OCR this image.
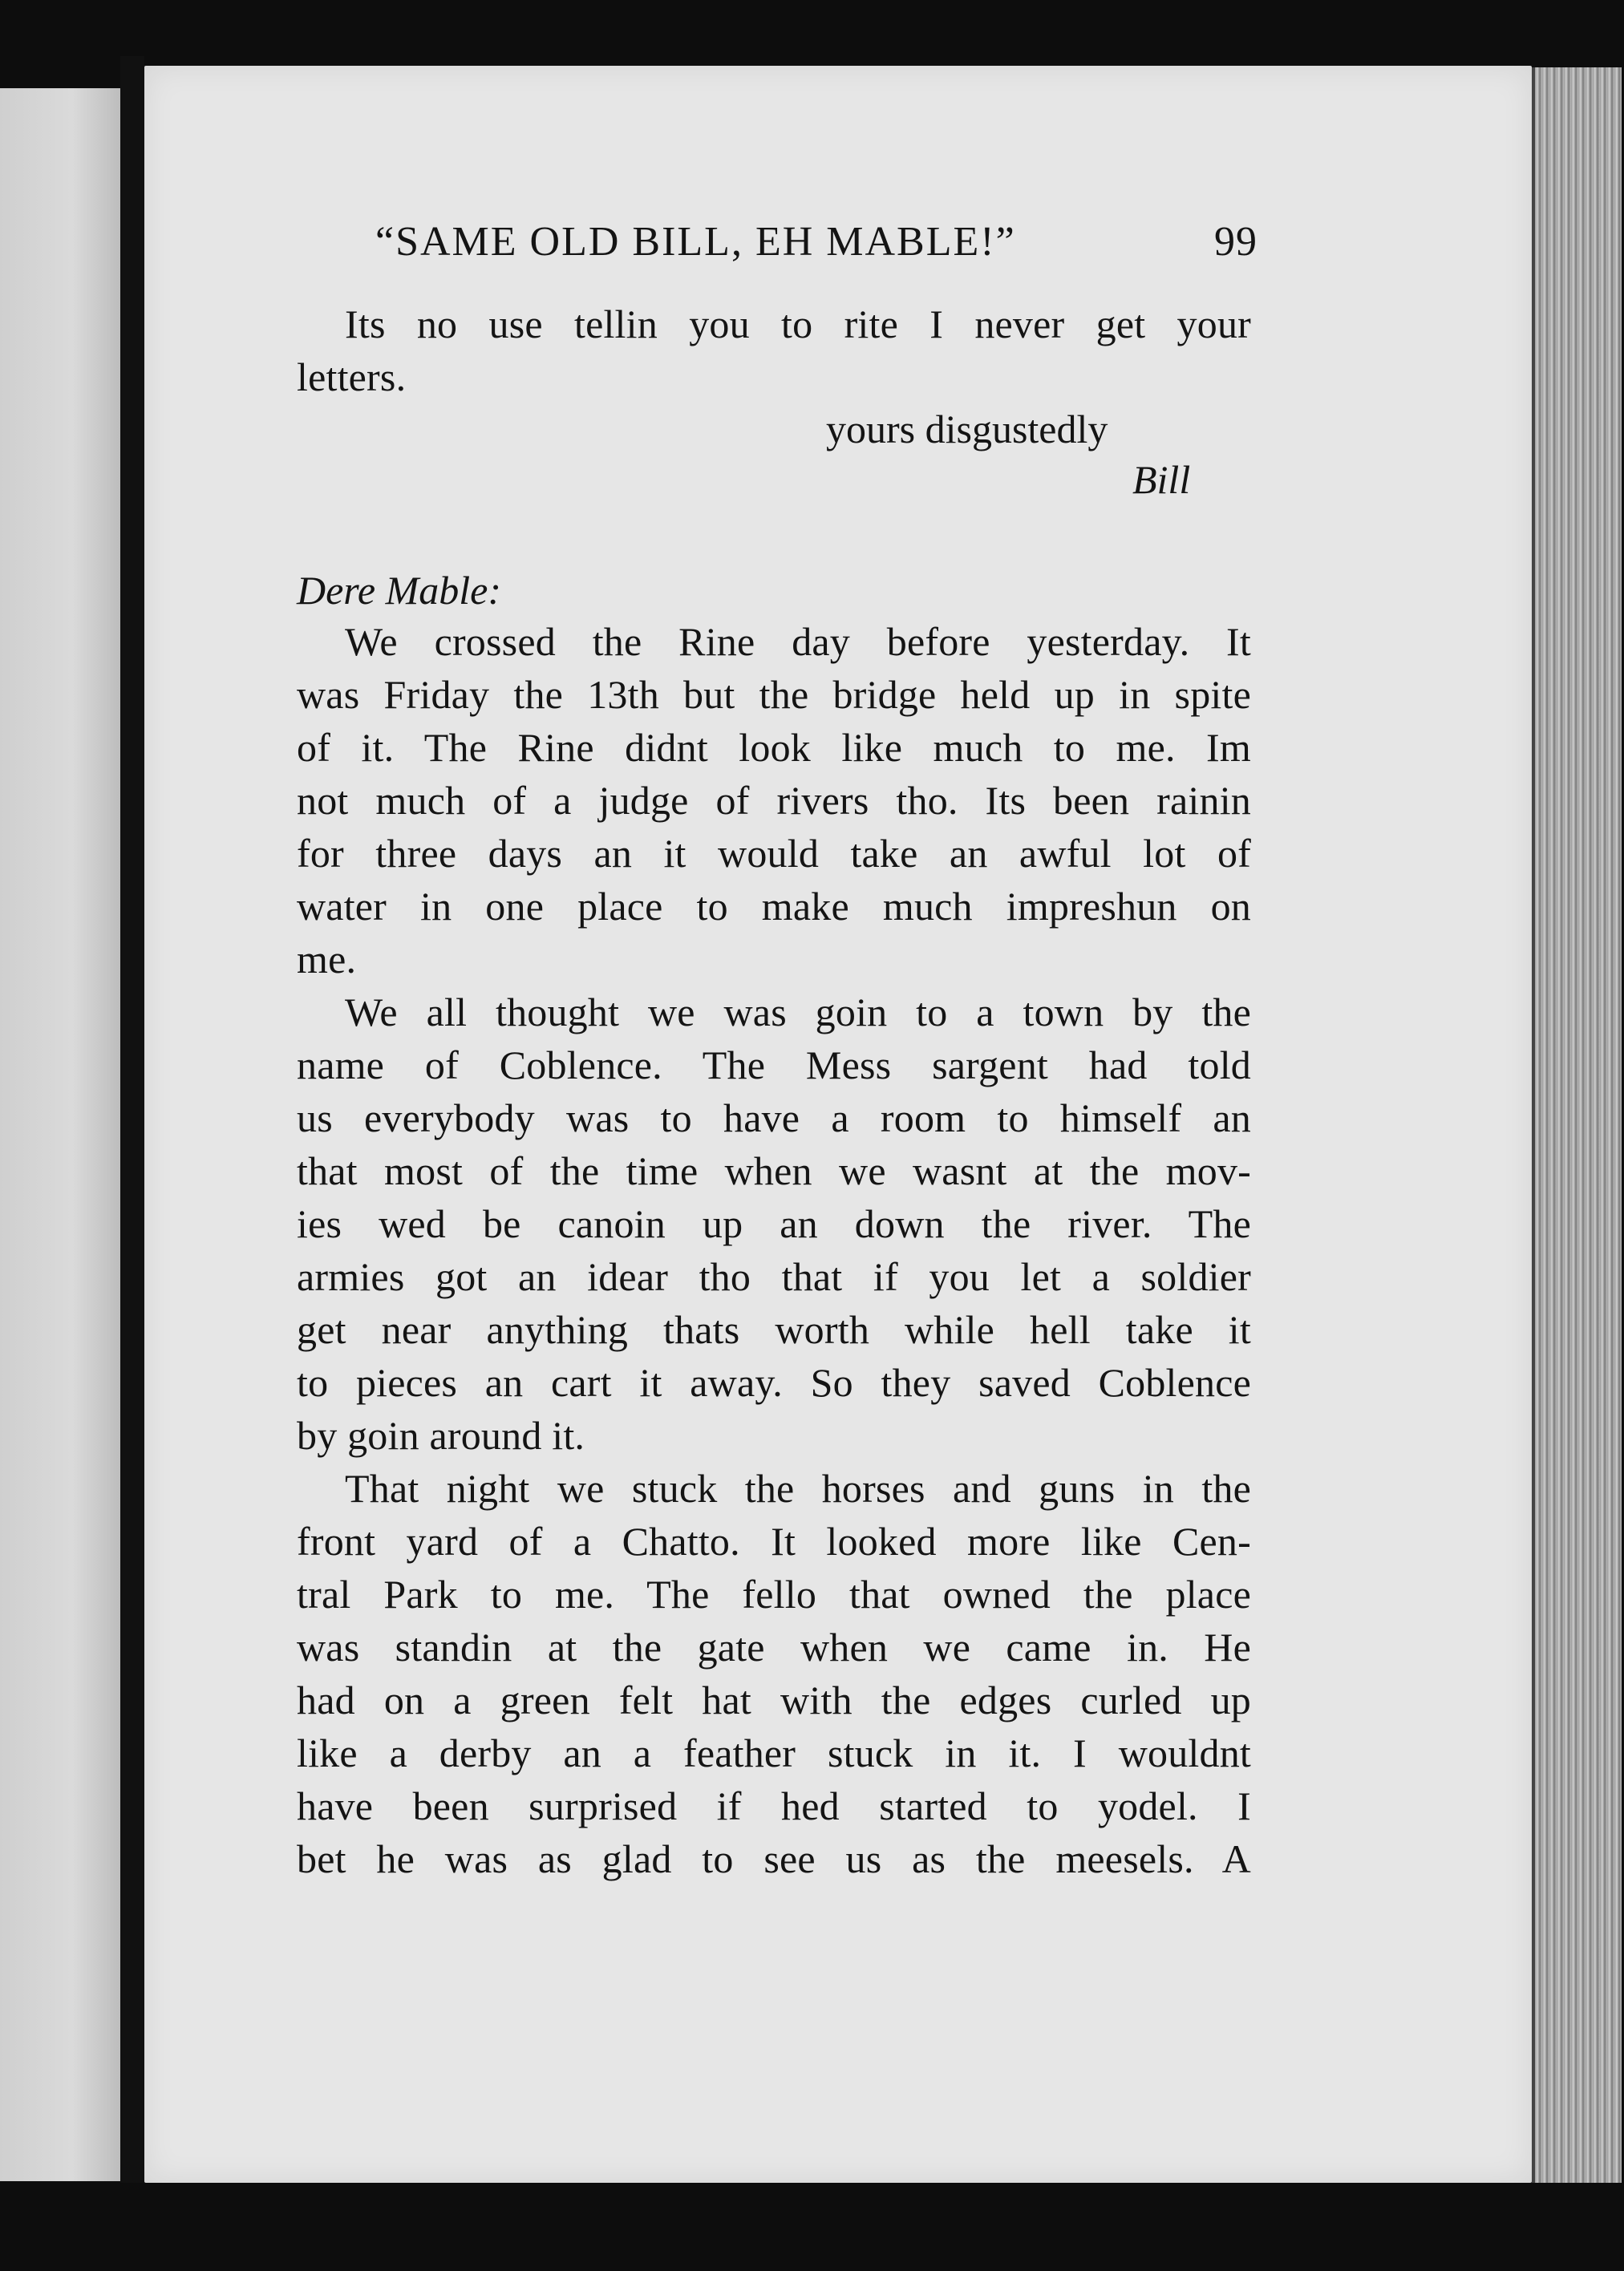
“SAME OLD BILL, EH MABLE!”	99
Its no use tellin you to rite I never get your
letters.
yours disgustedly
Bill
Dere Mable:
We crossed the Rine day before yesterday. It
was Friday the 13th but the bridge held up in spite
of it. The Rine didnt look like much to me. Im
not much of a judge of rivers tho. Its been rainin
for three days an it would take an awful lot of
water in one place to make much impreshun on
me.
We all thought we was goin to a town by the
name of Coblence. The Mess sargent had told
us everybody was to have a room to himself an
that most of the time when we wasnt at the mov-
ies wed be canoin up an down the river. The
armies got an idear tho that if you let a soldier
get near anything thats worth while hell take it
to pieces an cart it away. So they saved Coblence
by goin around it.
That night we stuck the horses and guns in the
front yard of a Chatto. It looked more like Cen-
tral Park to me. The fello that owned the place
was standin at the gate when we came in. He
had on a green felt hat with the edges curled up
like a derby an a feather stuck in it. I wouldnt
have been surprised if hed started to yodel. I
bet he was as glad to see us as the meesels. A
